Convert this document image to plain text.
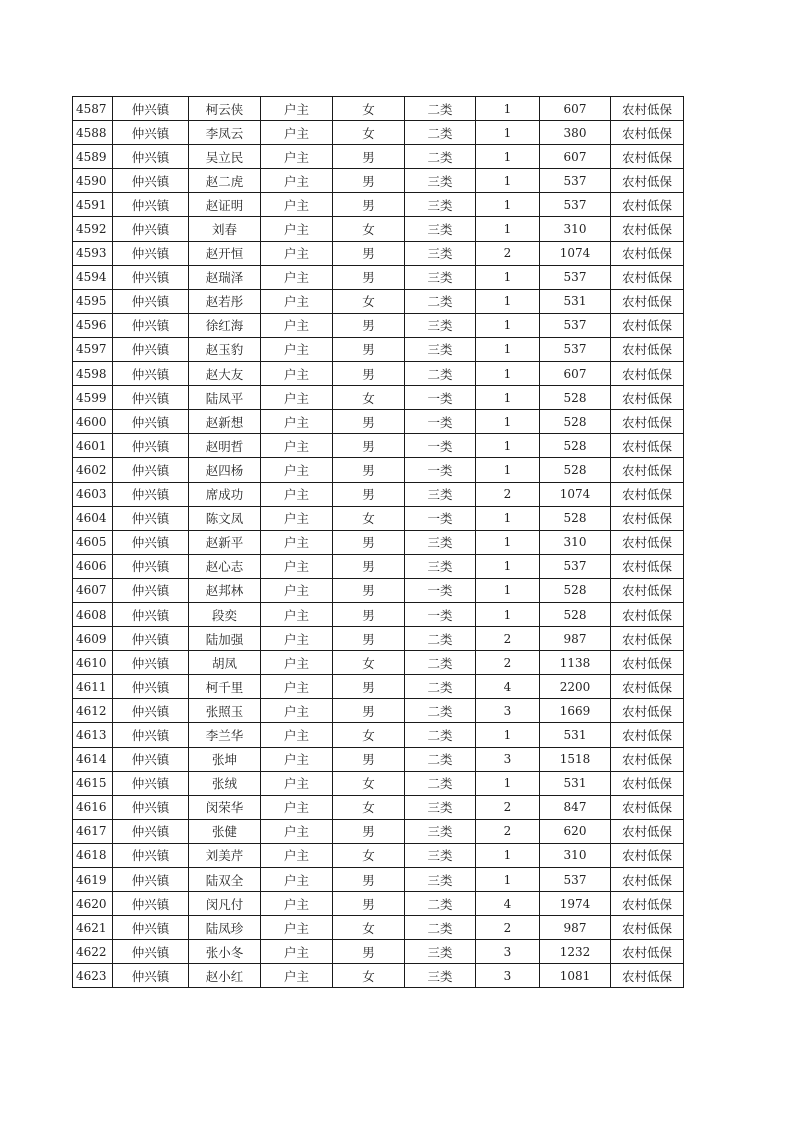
4587	仲兴镇	柯云侠	户主	女	二类	1	607	农村低保
4588	仲兴镇	李凤云	户主	女	二类	1	380	农村低保
4589	仲兴镇	吴立民	户主	男	二类	1	607	农村低保
4590	仲兴镇	赵二虎	户主	男	三类	1	537	农村低保
4591	仲兴镇	赵证明	户主	男	三类	1	537	农村低保
4592	仲兴镇	刘春	户主	女	三类	1	310	农村低保
4593	仲兴镇	赵开恒	户主	男	三类	2	1074	农村低保
4594	仲兴镇	赵瑞泽	户主	男	三类	1	537	农村低保
4595	仲兴镇	赵若彤	户主	女	二类	1	531	农村低保
4596	仲兴镇	徐红海	户主	男	三类	1	537	农村低保
4597	仲兴镇	赵玉豹	户主	男	三类	1	537	农村低保
4598	仲兴镇	赵大友	户主	男	二类	1	607	农村低保
4599	仲兴镇	陆凤平	户主	女	一类	1	528	农村低保
4600	仲兴镇	赵新想	户主	男	一类	1	528	农村低保
4601	仲兴镇	赵明哲	户主	男	一类	1	528	农村低保
4602	仲兴镇	赵四杨	户主	男	一类	1	528	农村低保
4603	仲兴镇	席成功	户主	男	三类	2	1074	农村低保
4604	仲兴镇	陈文凤	户主	女	一类	1	528	农村低保
4605	仲兴镇	赵新平	户主	男	三类	1	310	农村低保
4606	仲兴镇	赵心志	户主	男	三类	1	537	农村低保
4607	仲兴镇	赵邦林	户主	男	一类	1	528	农村低保
4608	仲兴镇	段奕	户主	男	一类	1	528	农村低保
4609	仲兴镇	陆加强	户主	男	二类	2	987	农村低保
4610	仲兴镇	胡凤	户主	女	二类	2	1138	农村低保
4611	仲兴镇	柯千里	户主	男	二类	4	2200	农村低保
4612	仲兴镇	张照玉	户主	男	二类	3	1669	农村低保
4613	仲兴镇	李兰华	户主	女	二类	1	531	农村低保
4614	仲兴镇	张坤	户主	男	二类	3	1518	农村低保
4615	仲兴镇	张绒	户主	女	二类	1	531	农村低保
4616	仲兴镇	闵荣华	户主	女	三类	2	847	农村低保
4617	仲兴镇	张健	户主	男	三类	2	620	农村低保
4618	仲兴镇	刘美芹	户主	女	三类	1	310	农村低保
4619	仲兴镇	陆双全	户主	男	三类	1	537	农村低保
4620	仲兴镇	闵凡付	户主	男	二类	4	1974	农村低保
4621	仲兴镇	陆凤珍	户主	女	二类	2	987	农村低保
4622	仲兴镇	张小冬	户主	男	三类	3	1232	农村低保
4623	仲兴镇	赵小红	户主	女	三类	3	1081	农村低保
